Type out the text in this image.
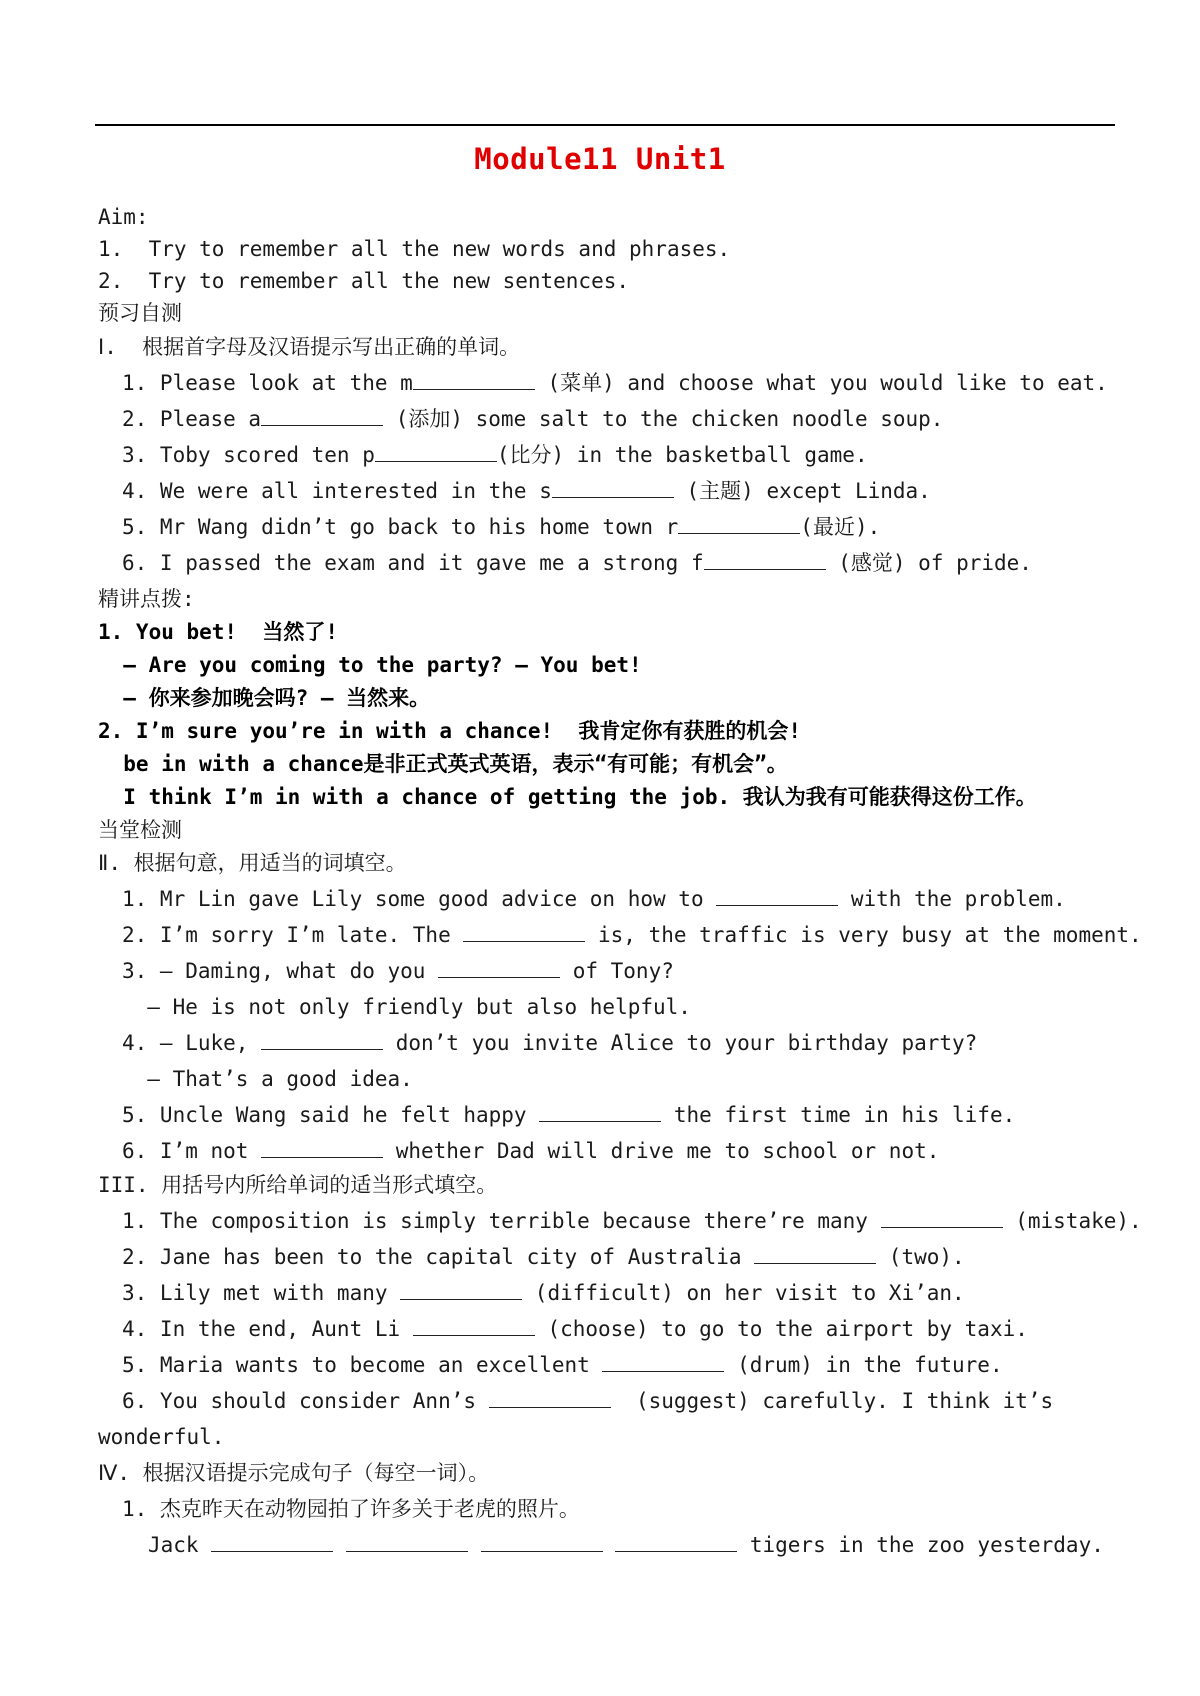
Module11 Unit1
Aim:
1.  Try to remember all the new words and phrases.
2.  Try to remember all the new sentences.
预习自测
Ⅰ.  根据首字母及汉语提示写出正确的单词。
1. Please look at the m	(菜单) and choose what you would like to eat.
2. Please a	(添加) some salt to the chicken noodle soup.
3. Toby scored ten p	(比分) in the basketball game.
4. We were all interested in the s	(主题) except Linda.
5. Mr Wang didn’t go back to his home town r	(最近).
6. I passed the exam and it gave me a strong f	(感觉) of pride.
精讲点拨:
1. You bet!  当然了!
— Are you coming to the party? — You bet!
— 你来参加晚会吗? — 当然来。
2. I’m sure you’re in with a chance!  我肯定你有获胜的机会!
be in with a chance是非正式英式英语，表示“有可能；有机会”。
I think I’m in with a chance of getting the job. 我认为我有可能获得这份工作。
当堂检测
Ⅱ. 根据句意，用适当的词填空。
1. Mr Lin gave Lily some good advice on how to	with the problem.
2. I’m sorry I’m late. The	is, the traffic is very busy at the moment.
3. — Daming, what do you	of Tony?
— He is not only friendly but also helpful.
4. — Luke,	don’t you invite Alice to your birthday party?
— That’s a good idea.
5. Uncle Wang said he felt happy	the first time in his life.
6. I’m not	whether Dad will drive me to school or not.
III. 用括号内所给单词的适当形式填空。
1. The composition is simply terrible because there’re many	(mistake).
2. Jane has been to the capital city of Australia	(two).
3. Lily met with many	(difficult) on her visit to Xi’an.
4. In the end, Aunt Li	(choose) to go to the airport by taxi.
5. Maria wants to become an excellent	(drum) in the future.
6. You should consider Ann’s	(suggest) carefully. I think it’s
wonderful.
Ⅳ. 根据汉语提示完成句子（每空一词）。
1. 杰克昨天在动物园拍了许多关于老虎的照片。
Jack	tigers in the zoo yesterday.
